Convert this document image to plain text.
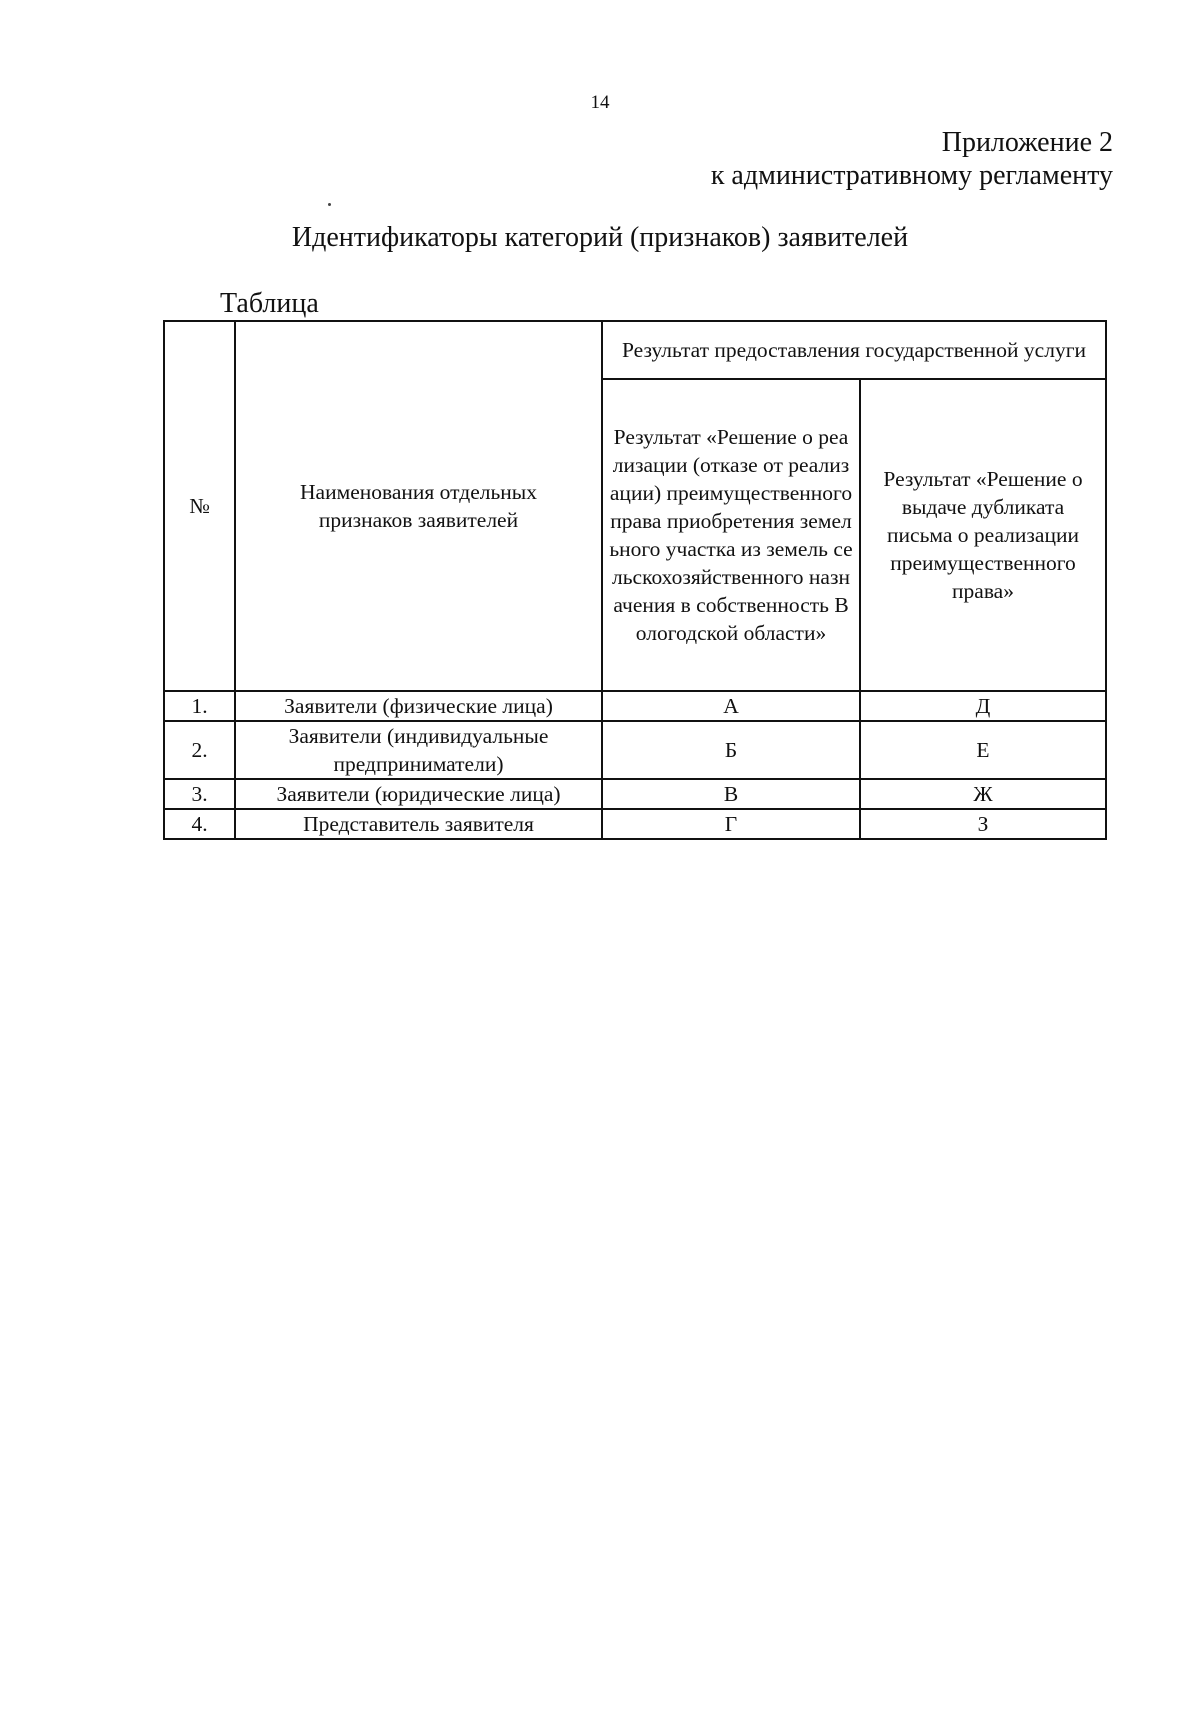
14
Приложение 2
к административному регламенту
Идентификаторы категорий (признаков) заявителей
Таблица
№	Наименования отдельных признаков заявителей	Результат предоставления государственной услуги	
		Результат «Решение о реализации (отказе от реализации) преимущественного права приобретения земельного участка из земель сельскохозяйственного назначения в собственность Вологодской области»	Результат «Решение о выдаче дубликата письма о реализации преимущественного права»
1.	Заявители (физические лица)	А	Д
2.	Заявители (индивидуальные предприниматели)	Б	Е
3.	Заявители (юридические лица)	В	Ж
4.	Представитель заявителя	Г	З
